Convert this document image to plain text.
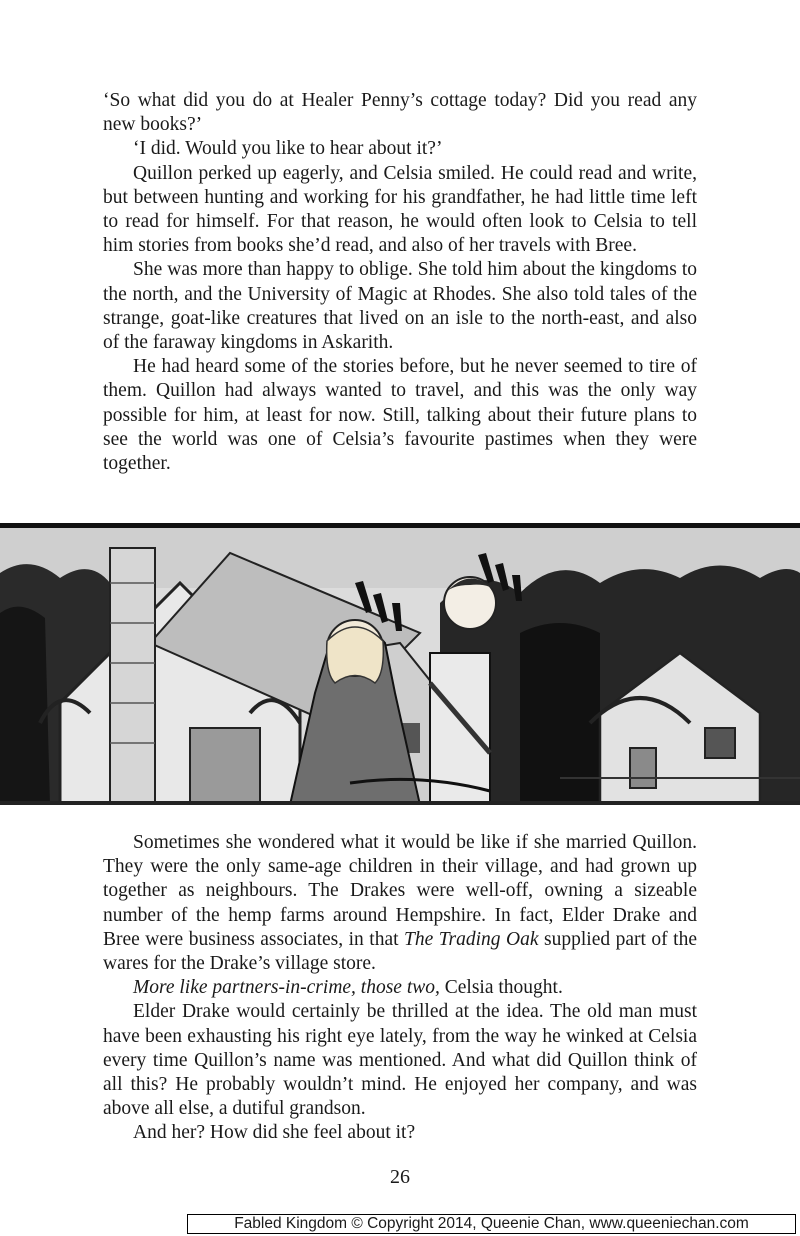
‘So what did you do at Healer Penny’s cottage today? Did you read any new books?’

‘I did. Would you like to hear about it?’

Quillon perked up eagerly, and Celsia smiled. He could read and write, but between hunting and working for his grandfather, he had little time left to read for himself. For that reason, he would often look to Celsia to tell him stories from books she’d read, and also of her travels with Bree.

She was more than happy to oblige. She told him about the kingdoms to the north, and the University of Magic at Rhodes. She also told tales of the strange, goat-like creatures that lived on an isle to the north-east, and also of the faraway kingdoms in Askarith.

He had heard some of the stories before, but he never seemed to tire of them. Quillon had always wanted to travel, and this was the only way possible for him, at least for now. Still, talking about their future plans to see the world was one of Celsia’s favourite pastimes when they were together.

Sometimes she wondered what it would be like if she married Quillon. They were the only same-age children in their village, and had grown up together as neighbours. The Drakes were well-off, owning a sizeable number of the hemp farms around Hempshire. In fact, Elder Drake and Bree were business associates, in that The Trading Oak supplied part of the wares for the Drake’s village store.

More like partners-in-crime, those two, Celsia thought.

Elder Drake would certainly be thrilled at the idea. The old man must have been exhausting his right eye lately, from the way he winked at Celsia every time Quillon’s name was mentioned. And what did Quillon think of all this? He probably wouldn’t mind. He enjoyed her company, and was above all else, a dutiful grandson.

And her? How did she feel about it?

26
Fabled Kingdom © Copyright 2014, Queenie Chan, www.queeniechan.com
